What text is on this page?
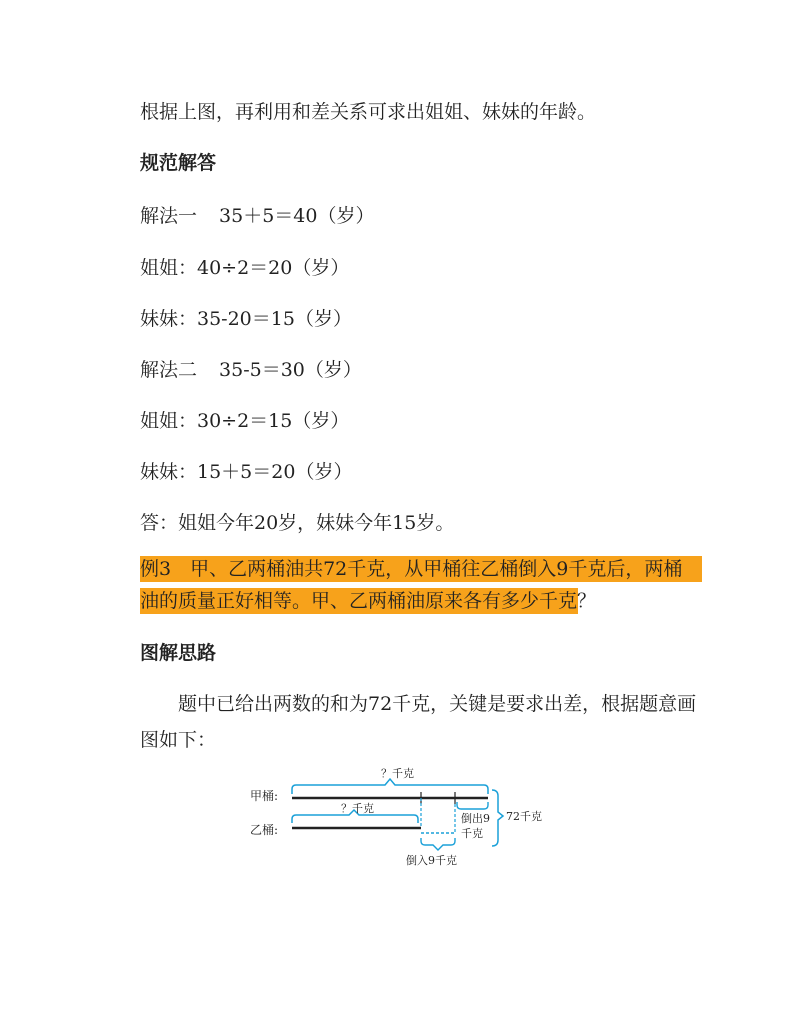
根据上图，再利用和差关系可求出姐姐、妹妹的年龄。
规范解答
解法一 35＋5＝40（岁）
姐姐：40÷2＝20（岁）
妹妹：35-20＝15（岁）
解法二 35-5＝30（岁）
姐姐：30÷2＝15（岁）
妹妹：15＋5＝20（岁）
答：姐姐今年20岁，妹妹今年15岁。
例3　甲、乙两桶油共72千克，从甲桶往乙桶倒入9千克后，两桶
油的质量正好相等。甲、乙两桶油原来各有多少千克？
图解思路
题中已给出两数的和为72千克，关键是要求出差，根据题意画图如下：
甲桶:
乙桶:
？千克
倒出9
千克
？千克
倒入9千克
72千克
